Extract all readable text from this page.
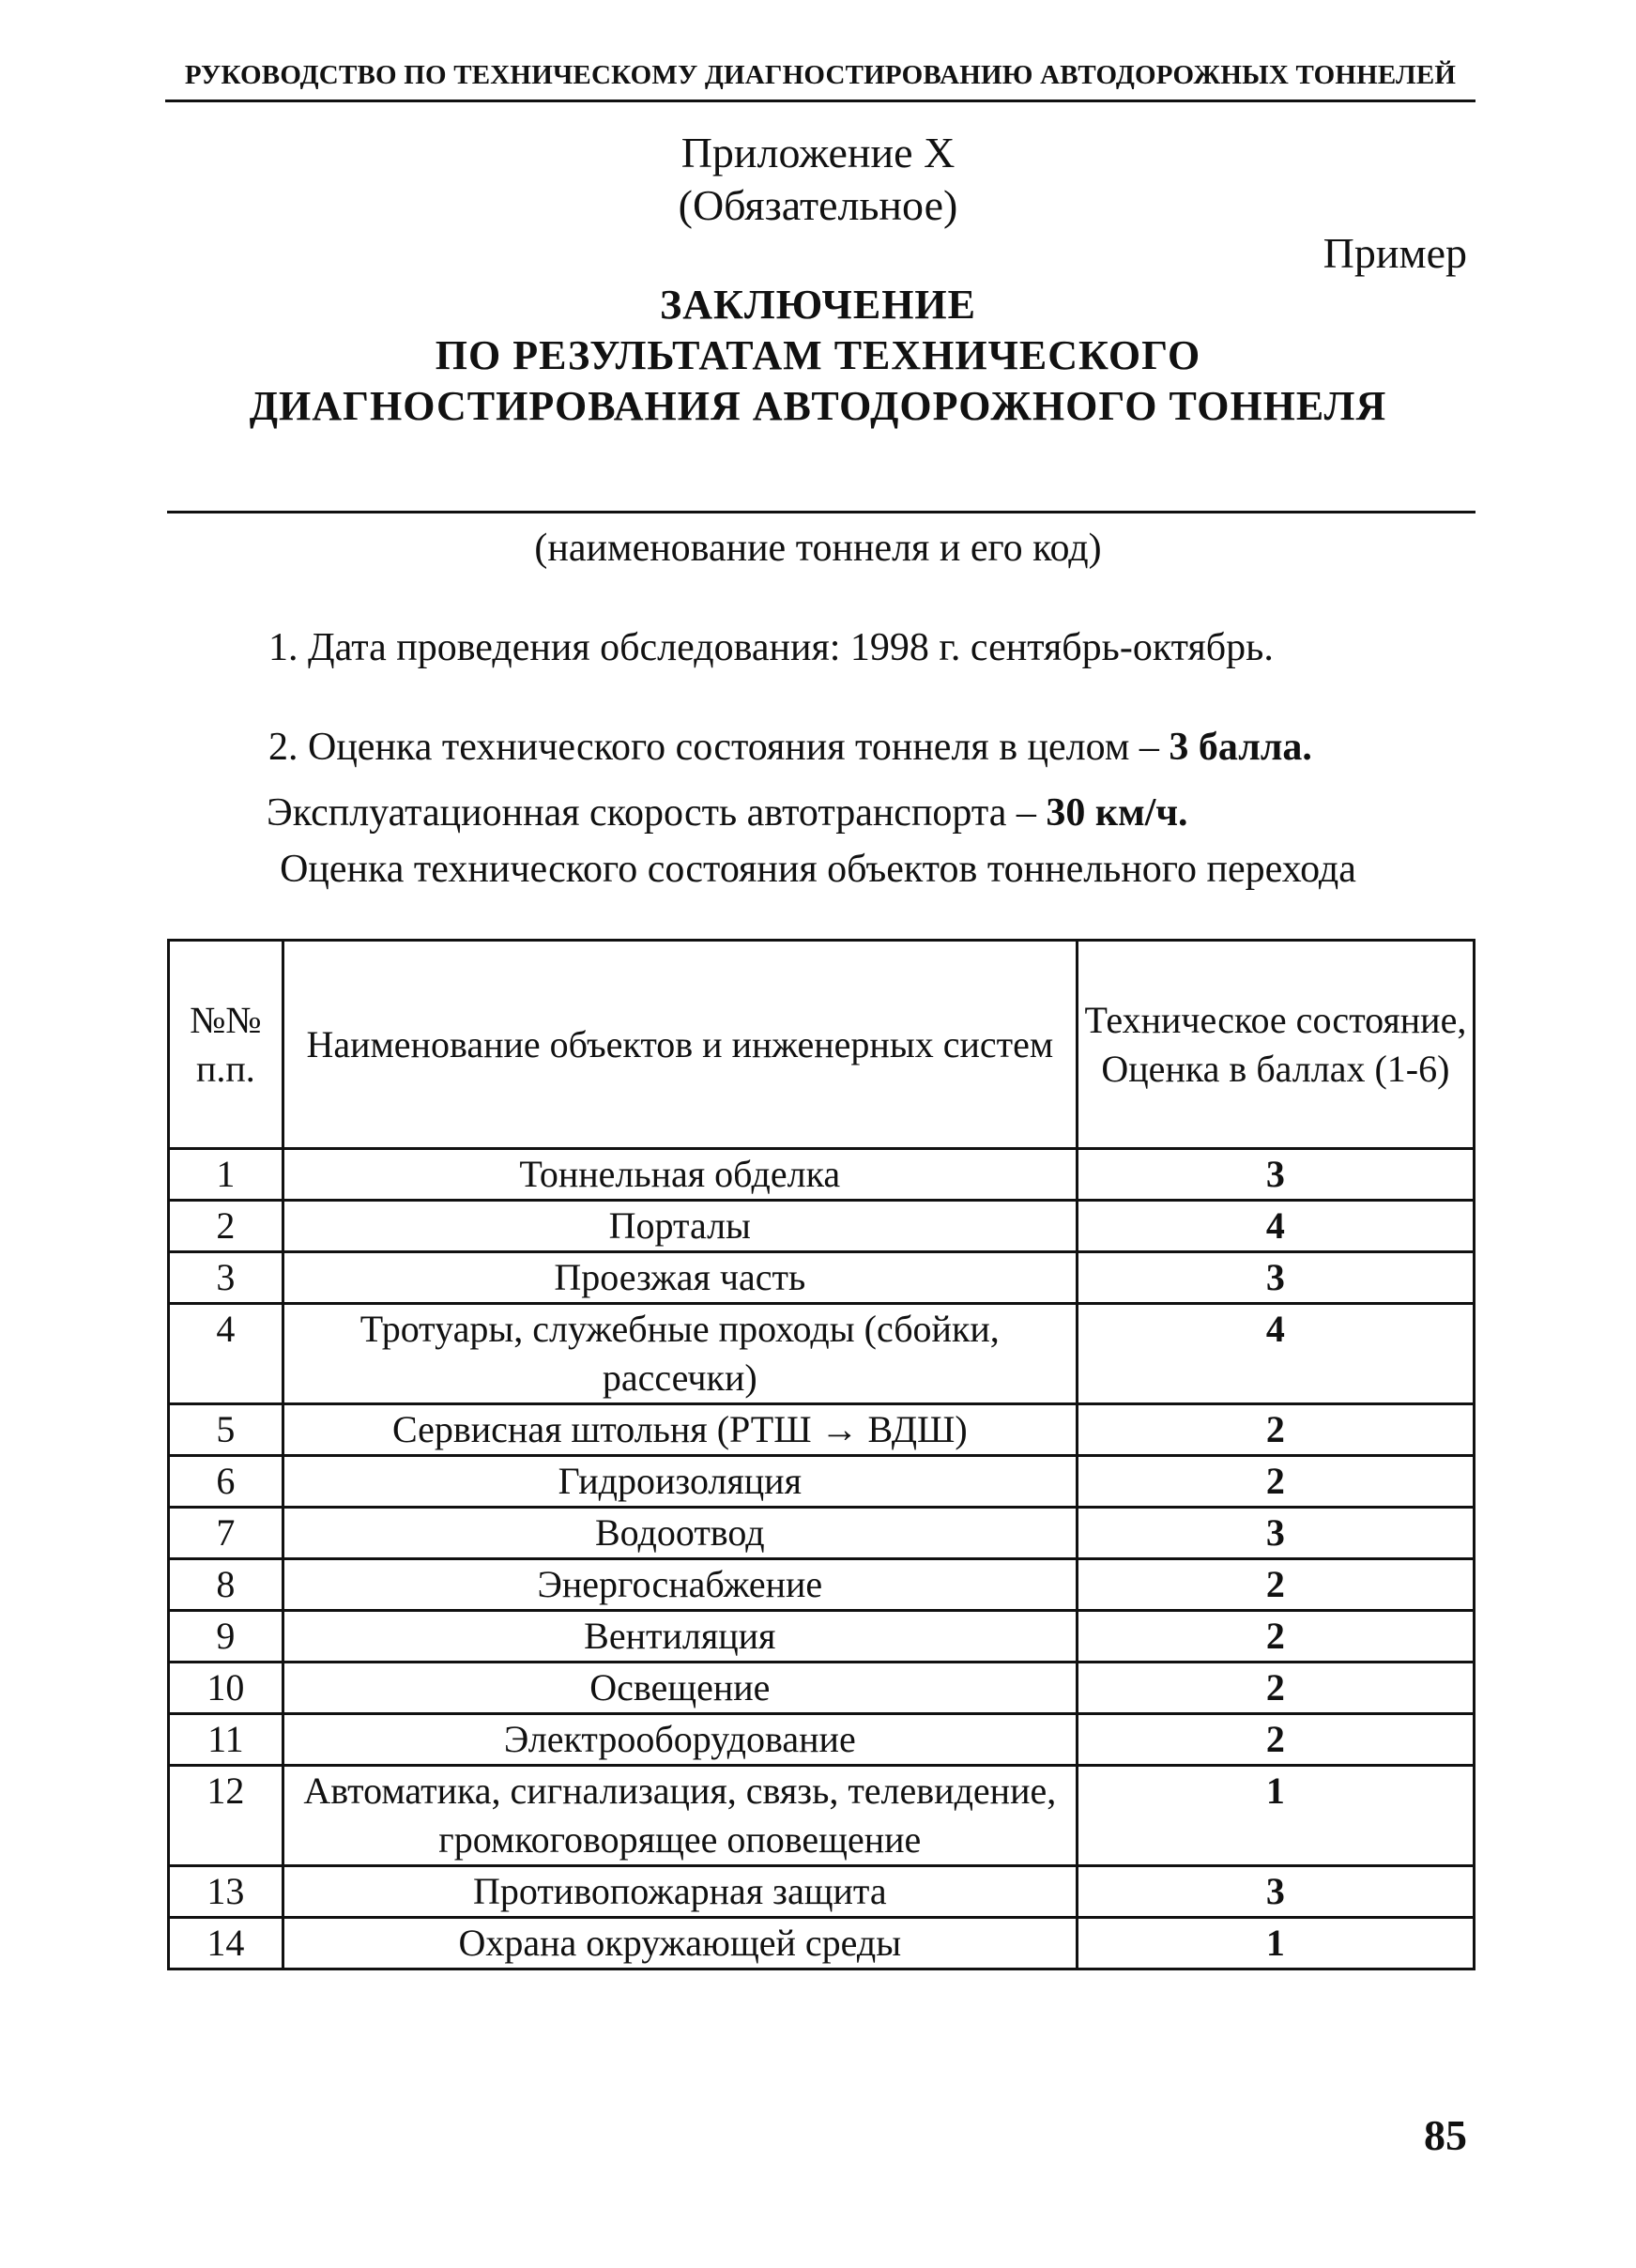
РУКОВОДСТВО ПО ТЕХНИЧЕСКОМУ ДИАГНОСТИРОВАНИЮ АВТОДОРОЖНЫХ ТОННЕЛЕЙ
Приложение X
(Обязательное)
Пример
ЗАКЛЮЧЕНИЕ
ПО РЕЗУЛЬТАТАМ ТЕХНИЧЕСКОГО
ДИАГНОСТИРОВАНИЯ АВТОДОРОЖНОГО ТОННЕЛЯ
(наименование тоннеля и его код)
1. Дата проведения обследования: 1998 г. сентябрь-октябрь.
2. Оценка технического состояния тоннеля в целом – 3 балла.
Эксплуатационная скорость автотранспорта – 30 км/ч.
Оценка технического состояния объектов тоннельного перехода
№№ п.п.	Наименование объектов и инженерных систем	Техническое состояние, Оценка в баллах (1-6)
1	Тоннельная обделка	3
2	Порталы	4
3	Проезжая часть	3
4	Тротуары, служебные проходы (сбойки, рассечки)	4
5	Сервисная штольня (РТШ → ВДШ)	2
6	Гидроизоляция	2
7	Водоотвод	3
8	Энергоснабжение	2
9	Вентиляция	2
10	Освещение	2
11	Электрооборудование	2
12	Автоматика, сигнализация, связь, телевидение, громкоговорящее оповещение	1
13	Противопожарная защита	3
14	Охрана окружающей среды	1
85
